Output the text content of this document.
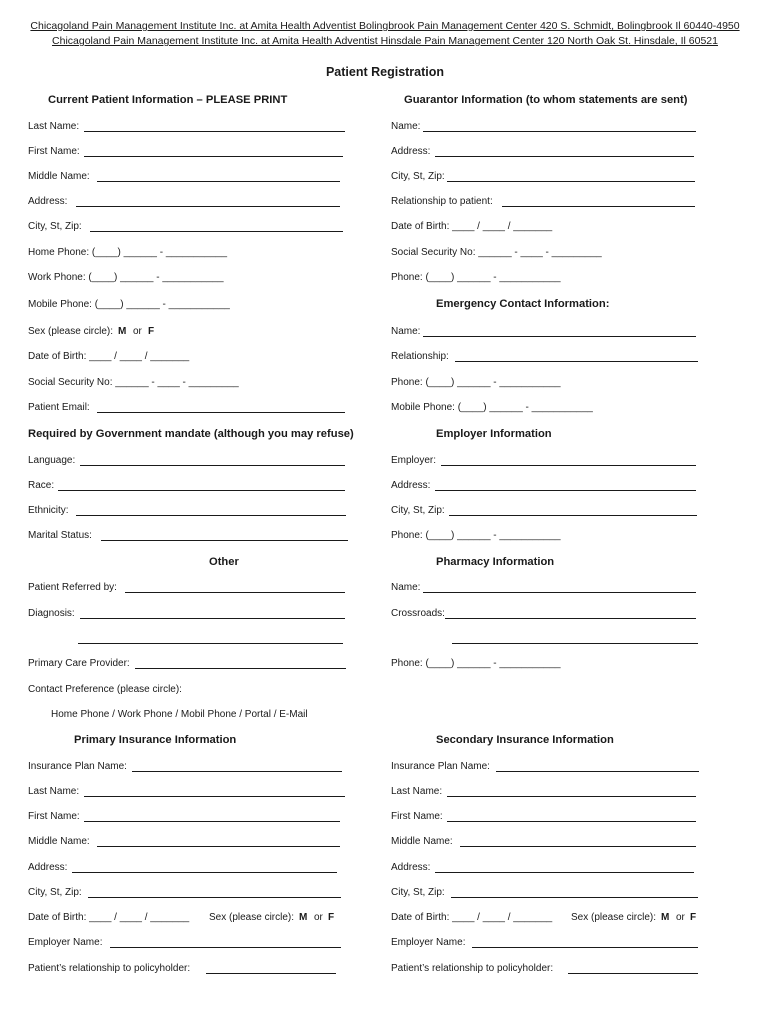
Chicagoland Pain Management Institute Inc. at Amita Health Adventist Bolingbrook Pain Management Center 420 S. Schmidt, Bolingbrook Il 60440-4950
Chicagoland Pain Management Institute Inc. at Amita Health Adventist Hinsdale Pain Management Center 120 North Oak St. Hinsdale, Il 60521
Patient Registration
Current Patient Information – PLEASE PRINT	Guarantor Information (to whom statements are sent)
Last Name:
First Name:
Middle Name:
Address:
City, St, Zip:
Home Phone: (____) ______ - ___________
Work Phone: (____) ______ - ___________
Mobile Phone: (____) ______ - ___________
Sex (please circle): M or F
Date of Birth: ____ / ____ / _______
Social Security No: ______ - ____ - _________
Patient Email:
Required by Government mandate (although you may refuse)
Language:
Race:
Ethnicity:
Marital Status:
Other
Patient Referred by:
Diagnosis:
Primary Care Provider:
Contact Preference (please circle):
Home Phone / Work Phone / Mobil Phone / Portal / E-Mail
Name:
Address:
City, St, Zip:
Relationship to patient:
Date of Birth: ____ / ____ / _______
Social Security No: ______ - ____ - _________
Phone: (____) ______ - ___________
Emergency Contact Information:
Name:
Relationship:
Phone: (____) ______ - ___________
Mobile Phone: (____) ______ - ___________
Employer Information
Employer:
Address:
City, St, Zip:
Phone: (____) ______ - ___________
Pharmacy Information
Name:
Crossroads:
Phone: (____) ______ - ___________
Primary Insurance Information	Secondary Insurance Information
Insurance Plan Name:
Last Name:
First Name:
Middle Name:
Address:
City, St, Zip:
Date of Birth: ____ / ____ / _______ Sex (please circle): M or F
Employer Name:
Patient’s relationship to policyholder:
Insurance Plan Name:
Last Name:
First Name:
Middle Name:
Address:
City, St, Zip:
Date of Birth: ____ / ____ / _______ Sex (please circle): M or F
Employer Name:
Patient’s relationship to policyholder:
